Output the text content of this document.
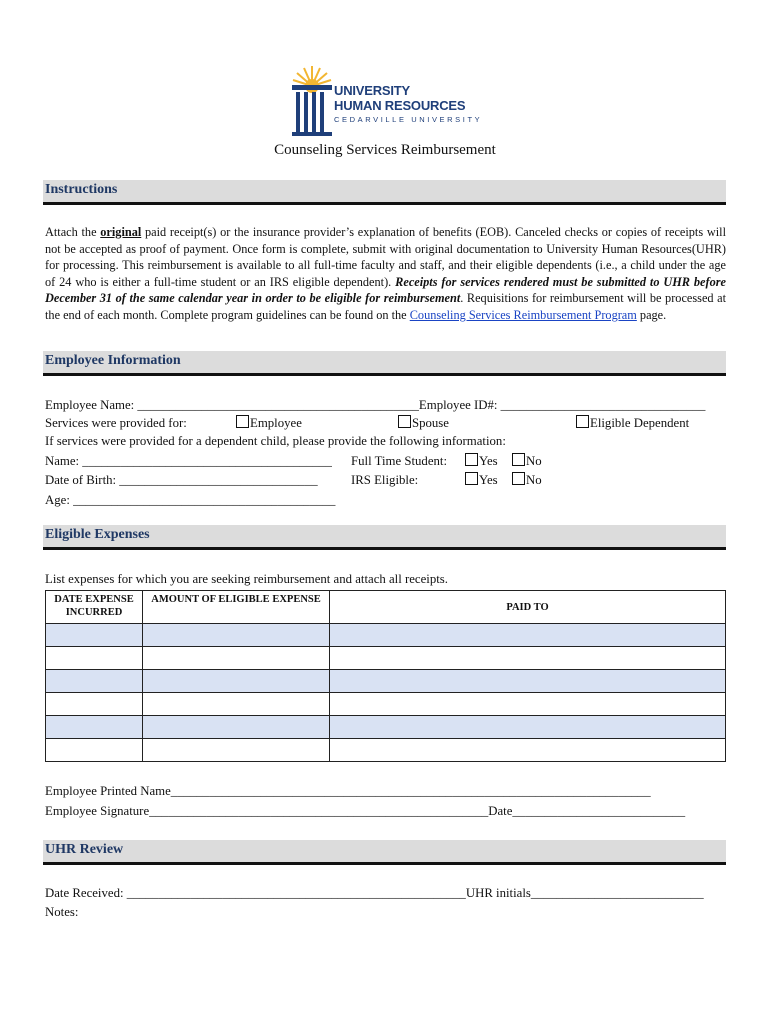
UNIVERSITY
HUMAN RESOURCES
CEDARVILLE UNIVERSITY
Counseling Services Reimbursement
Instructions
Attach the original paid receipt(s) or the insurance provider’s explanation of benefits (EOB). Canceled checks or copies of receipts will not be accepted as proof of payment. Once form is complete, submit with original documentation to University Human Resources(UHR) for processing. This reimbursement is available to all full-time faculty and staff, and their eligible dependents (i.e., a child under the age of 24 who is either a full-time student or an IRS eligible dependent). Receipts for services rendered must be submitted to UHR before December 31 of the same calendar year in order to be eligible for reimbursement. Requisitions for reimbursement will be processed at the end of each month. Complete program guidelines can be found on the Counseling Services Reimbursement Program page.
Employee Information
Employee Name: ____________________________________________Employee ID#: ________________________________
Services were provided for:	Employee	Spouse	Eligible Dependent
If services were provided for a dependent child, please provide the following information:
Name: _______________________________________ Full Time Student:	Yes	No
Date of Birth: _______________________________	IRS Eligible:	Yes	No
Age: _________________________________________
Eligible Expenses
List expenses for which you are seeking reimbursement and attach all receipts.
DATE EXPENSE INCURRED	AMOUNT OF ELIGIBLE EXPENSE	PAID TO

Employee Printed Name___________________________________________________________________________
Employee Signature_____________________________________________________Date___________________________
UHR Review
Date Received: _____________________________________________________UHR initials___________________________
Notes:
